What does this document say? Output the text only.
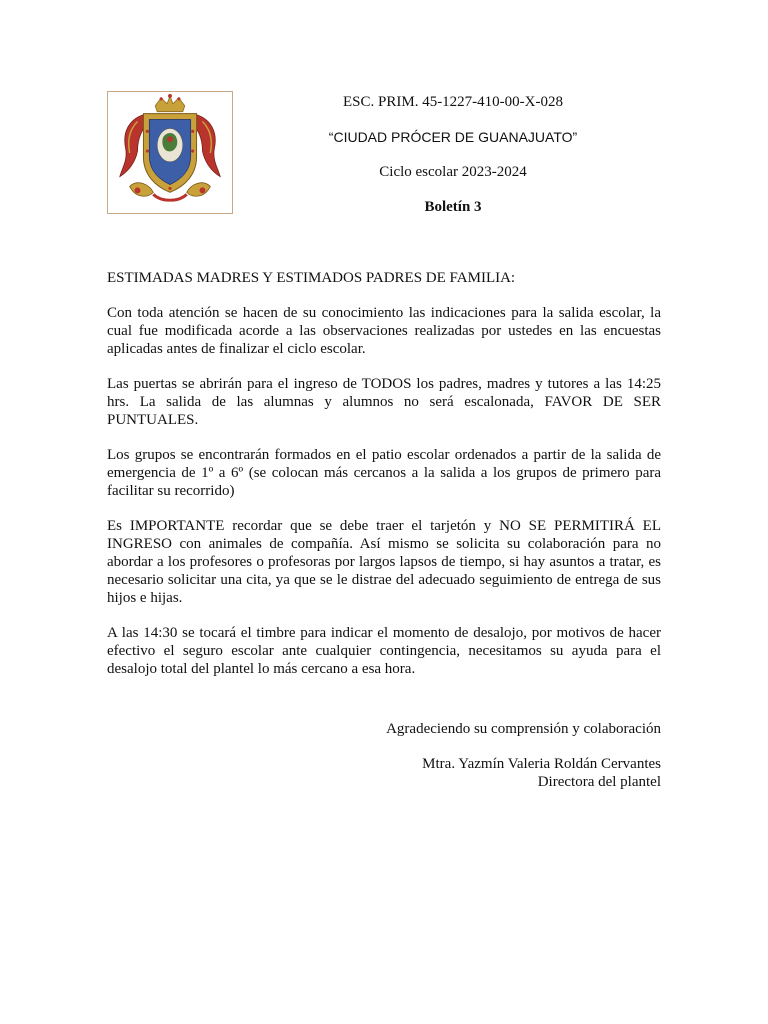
ESC. PRIM. 45-1227-410-00-X-028

“CIUDAD PRÓCER DE GUANAJUATO”

Ciclo escolar 2023-2024

Boletín 3

ESTIMADAS MADRES Y ESTIMADOS PADRES DE FAMILIA:

Con toda atención se hacen de su conocimiento las indicaciones para la salida escolar, la cual fue modificada acorde a las observaciones realizadas por ustedes en las encuestas aplicadas antes de finalizar el ciclo escolar.

Las puertas se abrirán para el ingreso de TODOS los padres, madres y tutores a las 14:25 hrs. La salida de las alumnas y alumnos no será escalonada, FAVOR DE SER PUNTUALES.

Los grupos se encontrarán formados en el patio escolar ordenados a partir de la salida de emergencia de 1º a 6º (se colocan más cercanos a la salida a los grupos de primero para facilitar su recorrido)

Es IMPORTANTE recordar que se debe traer el tarjetón y NO SE PERMITIRÁ EL INGRESO con animales de compañía. Así mismo se solicita su colaboración para no abordar a los profesores o profesoras por largos lapsos de tiempo, si hay asuntos a tratar, es necesario solicitar una cita, ya que se le distrae del adecuado seguimiento de entrega de sus hijos e hijas.

A las 14:30 se tocará el timbre para indicar el momento de desalojo, por motivos de hacer efectivo el seguro escolar ante cualquier contingencia, necesitamos su ayuda para el desalojo total del plantel lo más cercano a esa hora.

Agradeciendo su comprensión y colaboración

Mtra. Yazmín Valeria Roldán Cervantes

Directora del plantel
